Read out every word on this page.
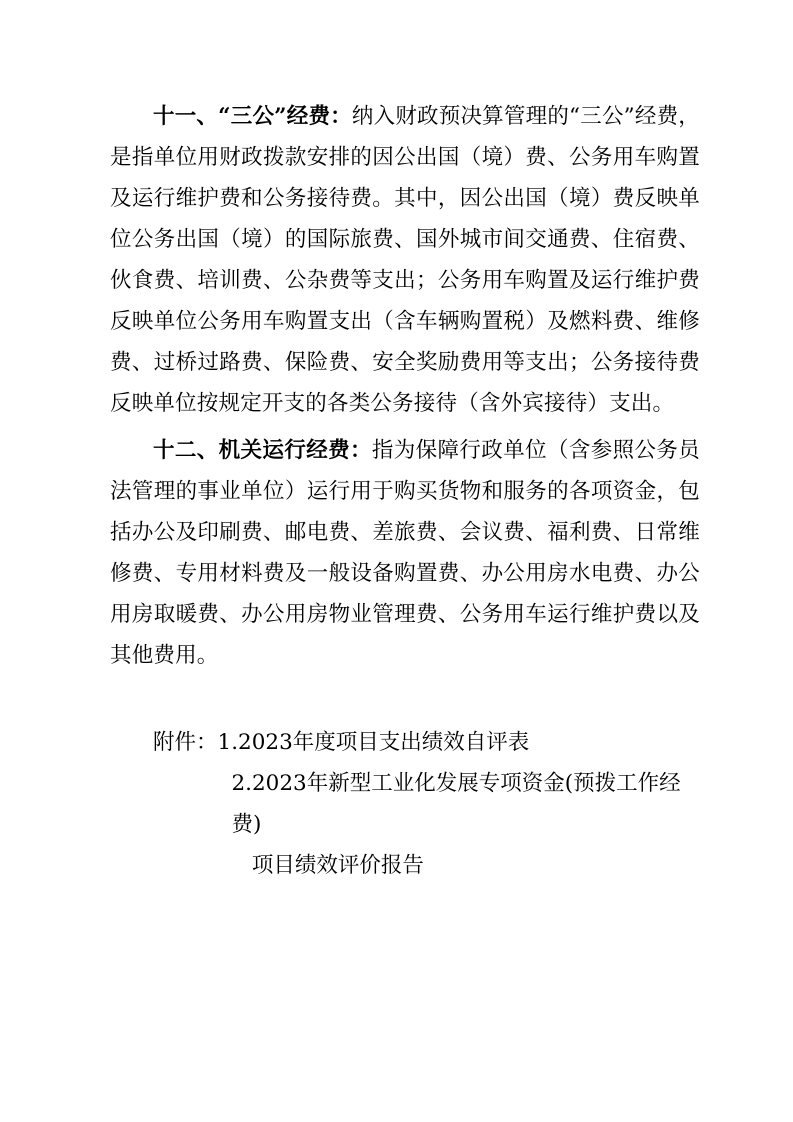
十一、“三公”经费：纳入财政预决算管理的“三公”经费，是指单位用财政拨款安排的因公出国（境）费、公务用车购置及运行维护费和公务接待费。其中，因公出国（境）费反映单位公务出国（境）的国际旅费、国外城市间交通费、住宿费、伙食费、培训费、公杂费等支出；公务用车购置及运行维护费反映单位公务用车购置支出（含车辆购置税）及燃料费、维修费、过桥过路费、保险费、安全奖励费用等支出；公务接待费反映单位按规定开支的各类公务接待（含外宾接待）支出。

十二、机关运行经费：指为保障行政单位（含参照公务员法管理的事业单位）运行用于购买货物和服务的各项资金，包括办公及印刷费、邮电费、差旅费、会议费、福利费、日常维修费、专用材料费及一般设备购置费、办公用房水电费、办公用房取暖费、办公用房物业管理费、公务用车运行维护费以及其他费用。

附件：1.2023年度项目支出绩效自评表
2.2023年新型工业化发展专项资金(预拨工作经费)
项目绩效评价报告
